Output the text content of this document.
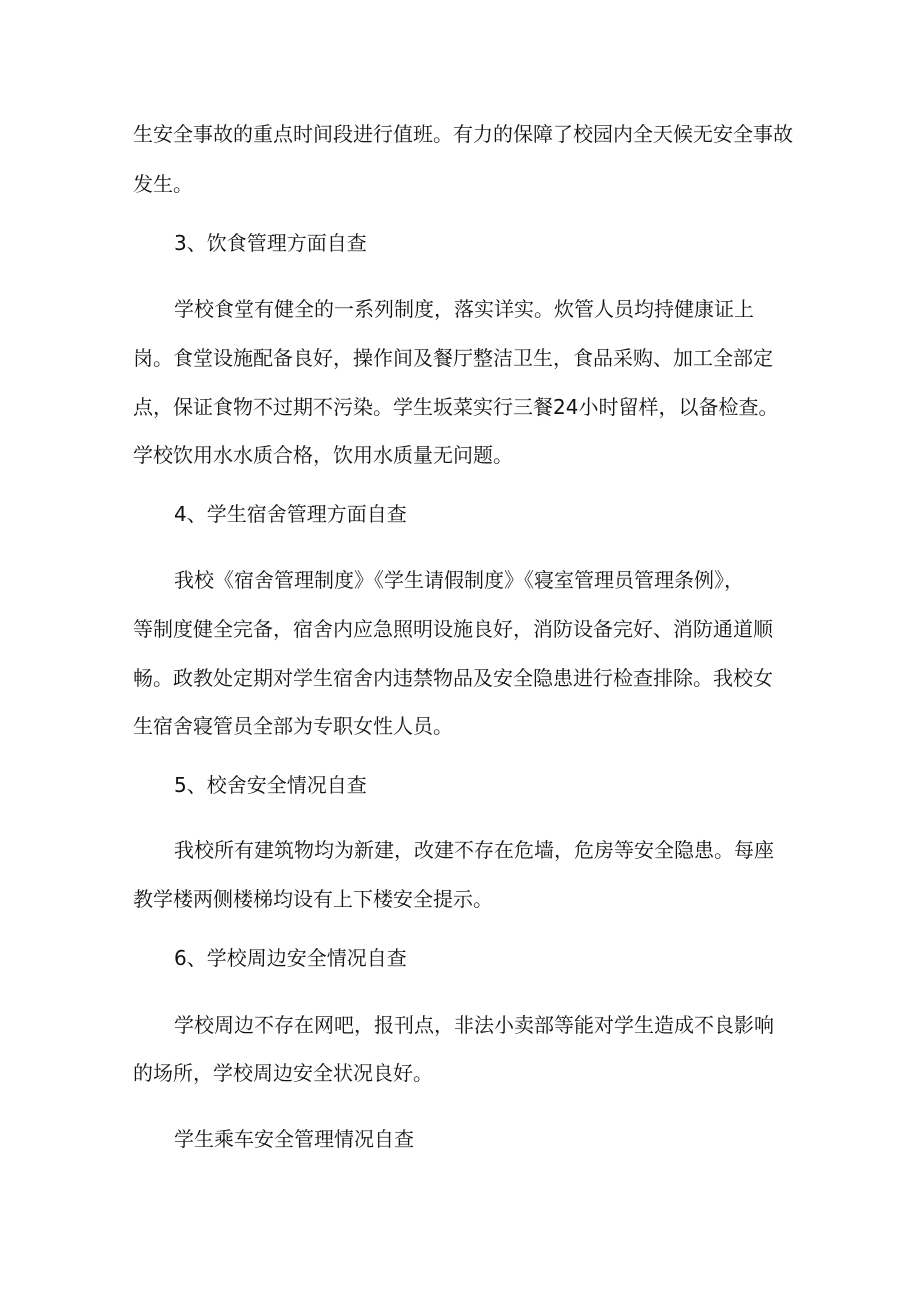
生安全事故的重点时间段进行值班。有力的保障了校园内全天候无安全事故

发生。

3、饮食管理方面自查

学校食堂有健全的一系列制度，落实详实。炊管人员均持健康证上

岗。食堂设施配备良好，操作间及餐厅整洁卫生，食品采购、加工全部定

点，保证食物不过期不污染。学生坂菜实行三餐24小时留样，以备检查。

学校饮用水水质合格，饮用水质量无问题。

4、学生宿舍管理方面自查

我校《宿舍管理制度》《学生请假制度》《寝室管理员管理条例》，

等制度健全完备，宿舍内应急照明设施良好，消防设备完好、消防通道顺

畅。政教处定期对学生宿舍内违禁物品及安全隐患进行检查排除。我校女

生宿舍寝管员全部为专职女性人员。

5、校舍安全情况自查

我校所有建筑物均为新建，改建不存在危墙，危房等安全隐患。每座

教学楼两侧楼梯均设有上下楼安全提示。

6、学校周边安全情况自查

学校周边不存在网吧，报刊点，非法小卖部等能对学生造成不良影响

的场所，学校周边安全状况良好。

学生乘车安全管理情况自查
